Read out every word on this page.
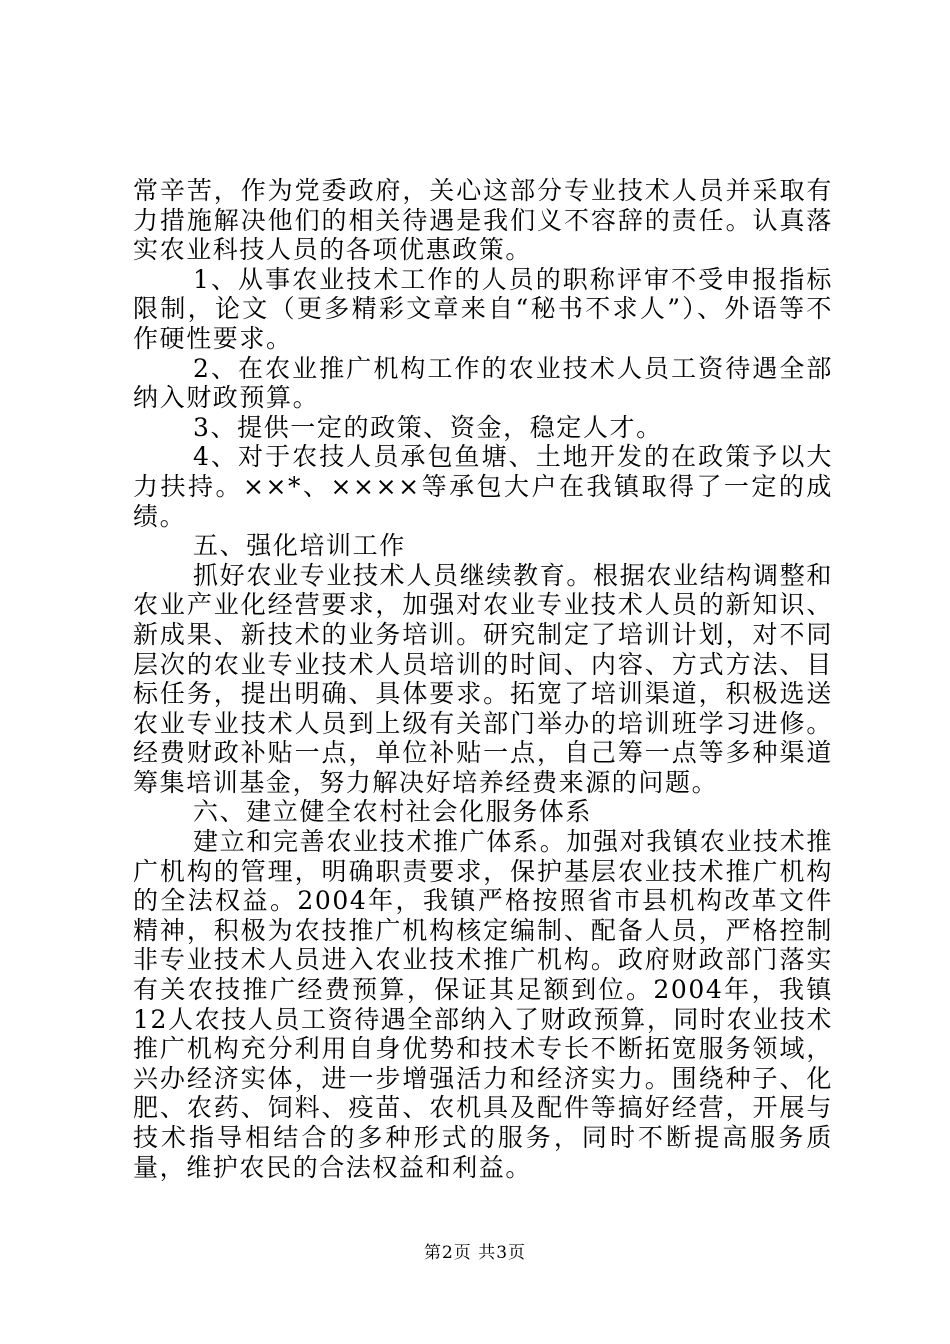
常辛苦，作为党委政府，关心这部分专业技术人员并采取有力措施解决他们的相关待遇是我们义不容辞的责任。认真落实农业科技人员的各项优惠政策。

1、从事农业技术工作的人员的职称评审不受申报指标限制，论文（更多精彩文章来自“秘书不求人”）、外语等不作硬性要求。

2、在农业推广机构工作的农业技术人员工资待遇全部纳入财政预算。

3、提供一定的政策、资金，稳定人才。

4、对于农技人员承包鱼塘、土地开发的在政策予以大力扶持。××*、××××等承包大户在我镇取得了一定的成绩。

五、强化培训工作

抓好农业专业技术人员继续教育。根据农业结构调整和农业产业化经营要求，加强对农业专业技术人员的新知识、新成果、新技术的业务培训。研究制定了培训计划，对不同层次的农业专业技术人员培训的时间、内容、方式方法、目标任务，提出明确、具体要求。拓宽了培训渠道，积极选送农业专业技术人员到上级有关部门举办的培训班学习进修。经费财政补贴一点，单位补贴一点，自己筹一点等多种渠道筹集培训基金，努力解决好培养经费来源的问题。

六、建立健全农村社会化服务体系

建立和完善农业技术推广体系。加强对我镇农业技术推广机构的管理，明确职责要求，保护基层农业技术推广机构的全法权益。2004年，我镇严格按照省市县机构改革文件精神，积极为农技推广机构核定编制、配备人员，严格控制非专业技术人员进入农业技术推广机构。政府财政部门落实有关农技推广经费预算，保证其足额到位。2004年，我镇12人农技人员工资待遇全部纳入了财政预算，同时农业技术推广机构充分利用自身优势和技术专长不断拓宽服务领域，兴办经济实体，进一步增强活力和经济实力。围绕种子、化肥、农药、饲料、疫苗、农机具及配件等搞好经营，开展与技术指导相结合的多种形式的服务，同时不断提高服务质量，维护农民的合法权益和利益。

第2页 共3页
